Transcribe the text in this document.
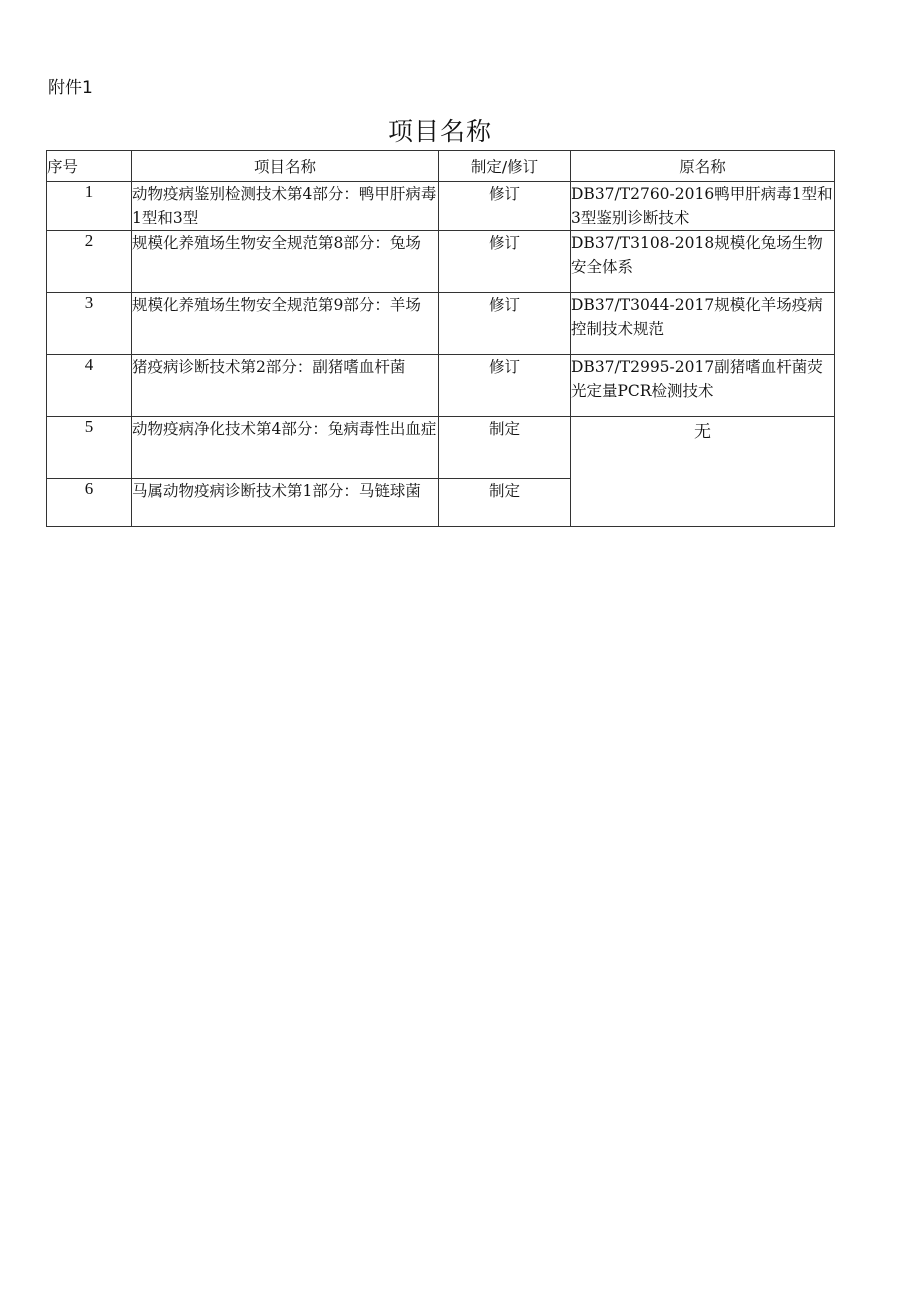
附件1
项目名称
序号	项目名称	制定/修订	原名称
1	动物疫病鉴别检测技术第4部分：鸭甲肝病毒1型和3型	修订	DB37/T2760-2016鸭甲肝病毒1型和3型鉴别诊断技术
2	规模化养殖场生物安全规范第8部分：兔场	修订	DB37/T3108-2018规模化兔场生物安全体系
3	规模化养殖场生物安全规范第9部分：羊场	修订	DB37/T3044-2017规模化羊场疫病控制技术规范
4	猪疫病诊断技术第2部分：副猪嗜血杆菌	修订	DB37/T2995-2017副猪嗜血杆菌荧光定量PCR检测技术
5	动物疫病净化技术第4部分：兔病毒性出血症	制定	无
6	马属动物疫病诊断技术第1部分：马链球菌	制定	
